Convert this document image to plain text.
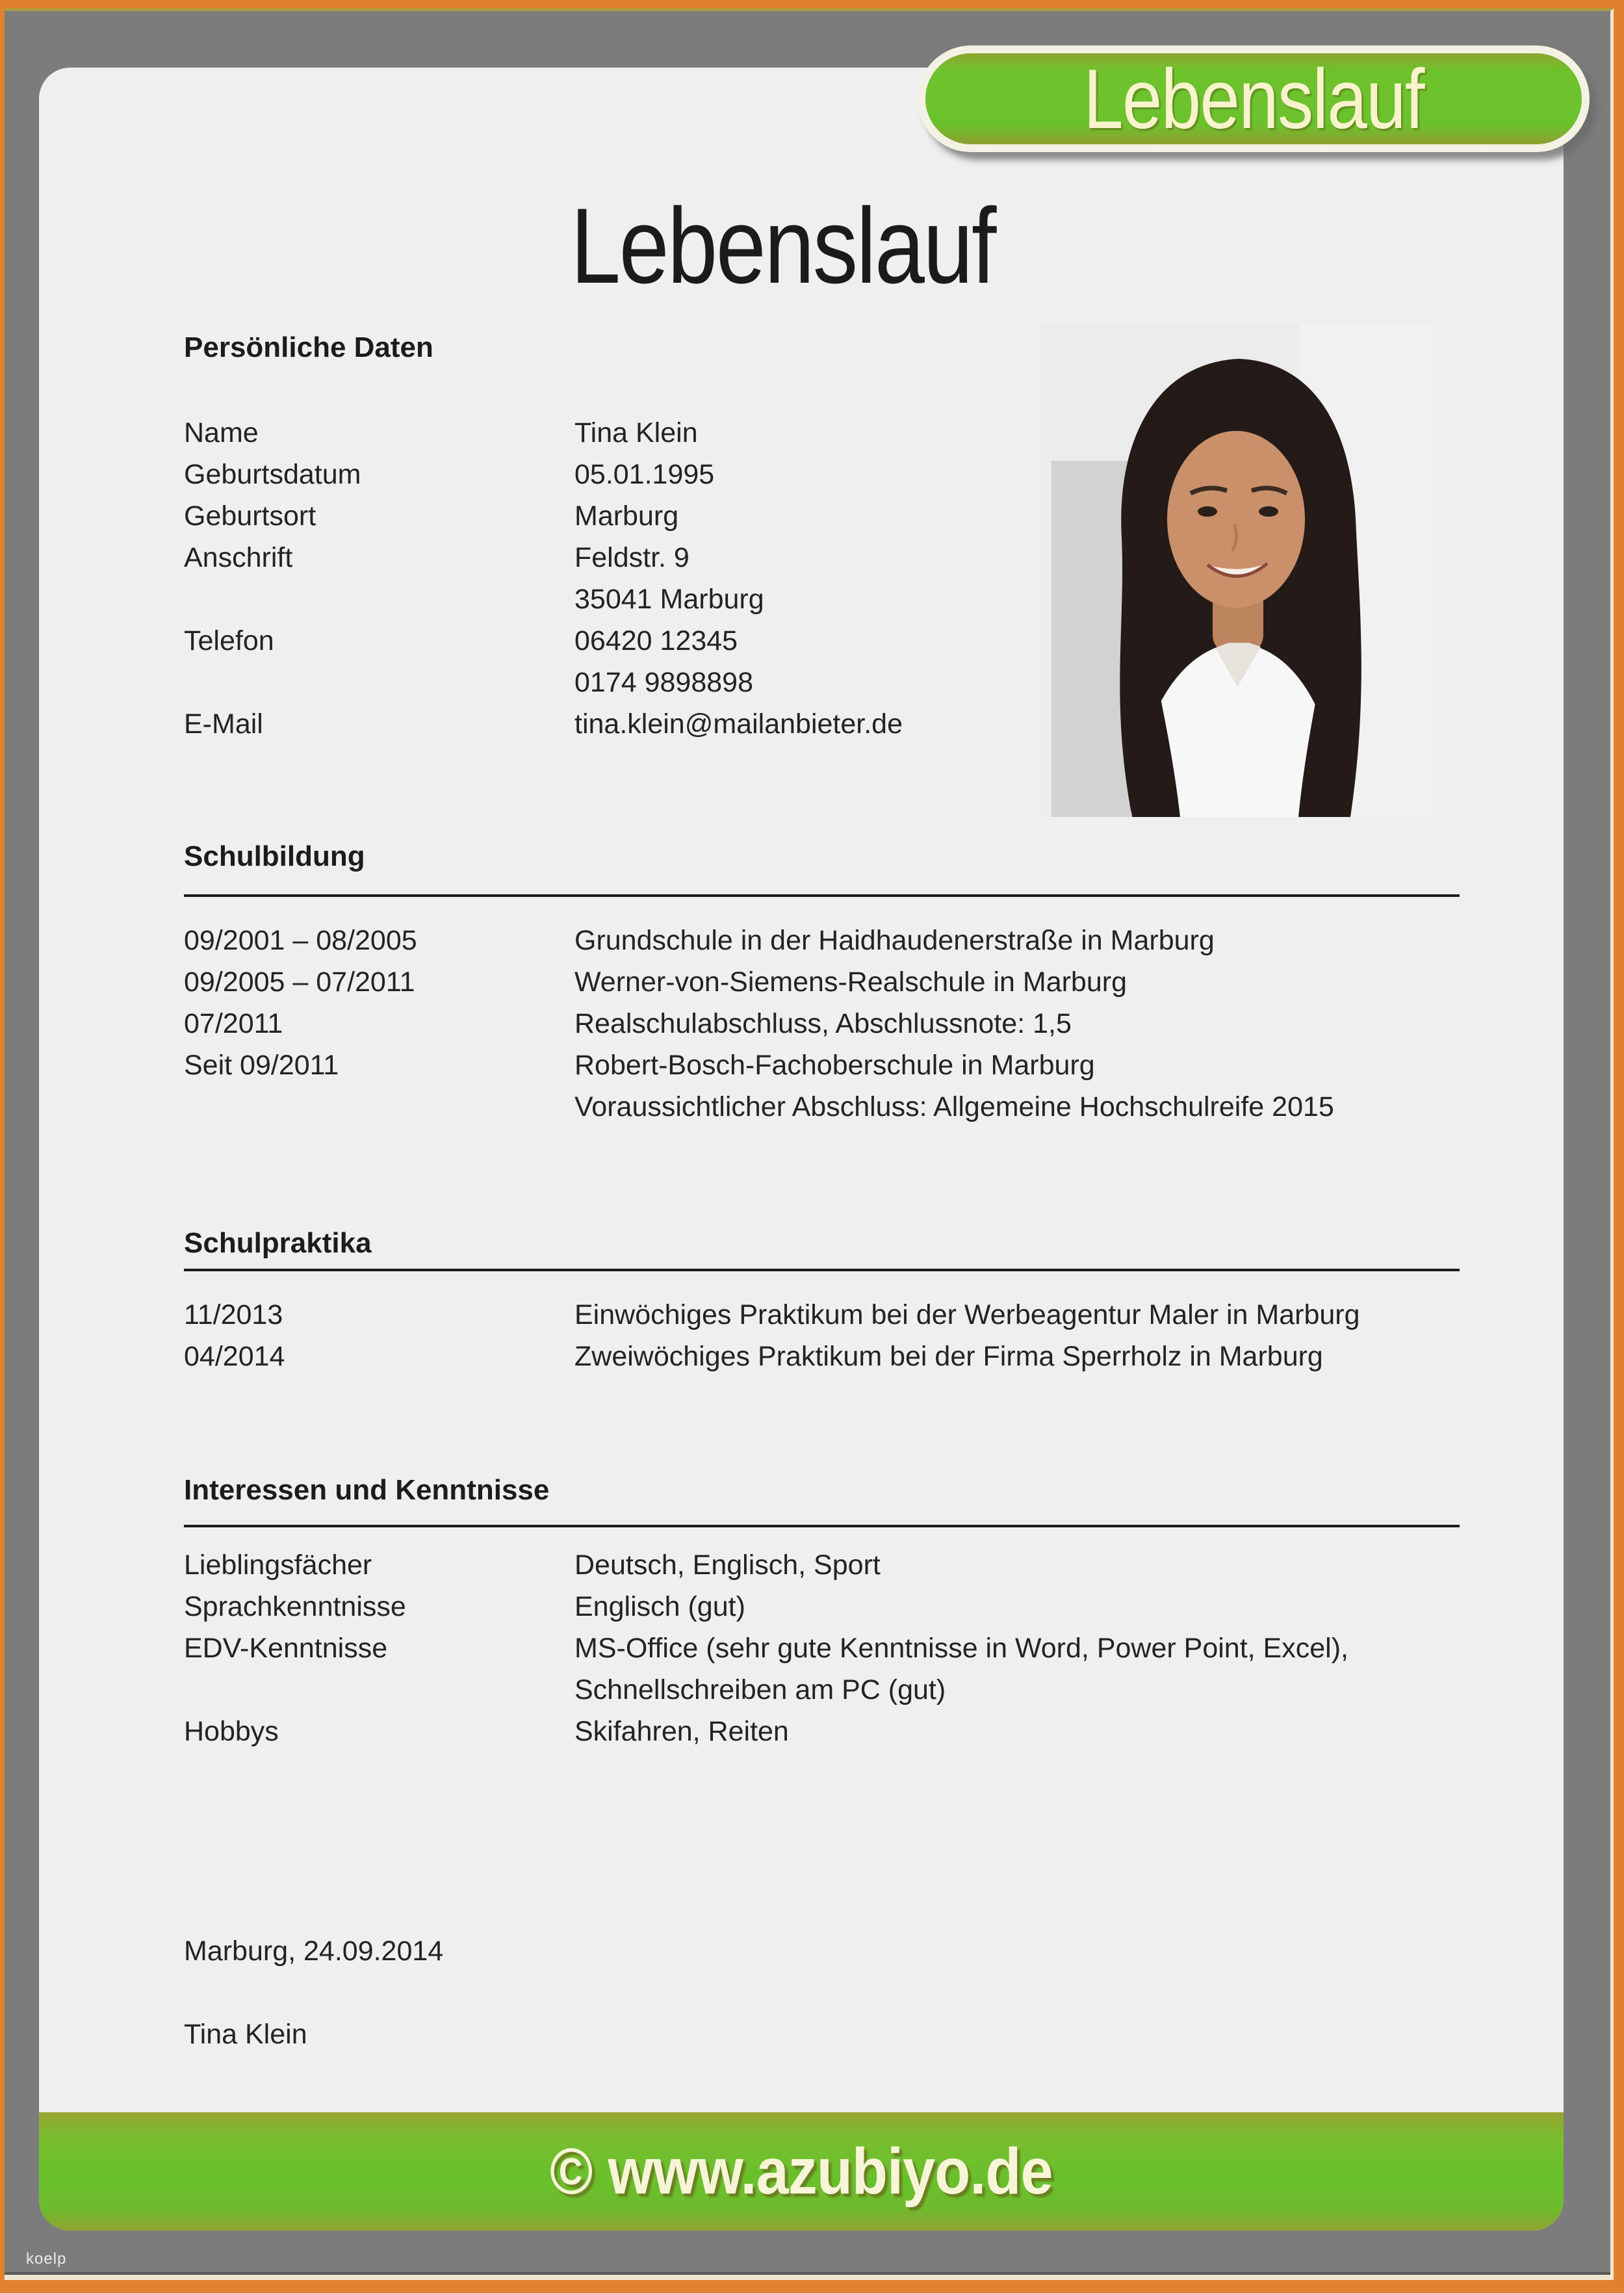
koelp
Lebenslauf
Lebenslauf
Persönliche Daten
Name	Tina Klein
Geburtsdatum	05.01.1995
Geburtsort	Marburg
Anschrift	Feldstr. 9
35041 Marburg
Telefon	06420 12345
0174 9898898
E-Mail	tina.klein@mailanbieter.de
Schulbildung
09/2001 – 08/2005	Grundschule in der Haidhaudenerstraße in Marburg
09/2005 – 07/2011	Werner-von-Siemens-Realschule in Marburg
07/2011	Realschulabschluss, Abschlussnote: 1,5
Seit 09/2011	Robert-Bosch-Fachoberschule in Marburg
Voraussichtlicher Abschluss: Allgemeine Hochschulreife 2015
Schulpraktika
11/2013	Einwöchiges Praktikum bei der Werbeagentur Maler in Marburg
04/2014	Zweiwöchiges Praktikum bei der Firma Sperrholz in Marburg
Interessen und Kenntnisse
Lieblingsfächer	Deutsch, Englisch, Sport
Sprachkenntnisse	Englisch (gut)
EDV-Kenntnisse	MS-Office (sehr gute Kenntnisse in Word, Power Point, Excel),
Schnellschreiben am PC (gut)
Hobbys	Skifahren, Reiten
Marburg, 24.09.2014
Tina Klein
© www.azubiyo.de
